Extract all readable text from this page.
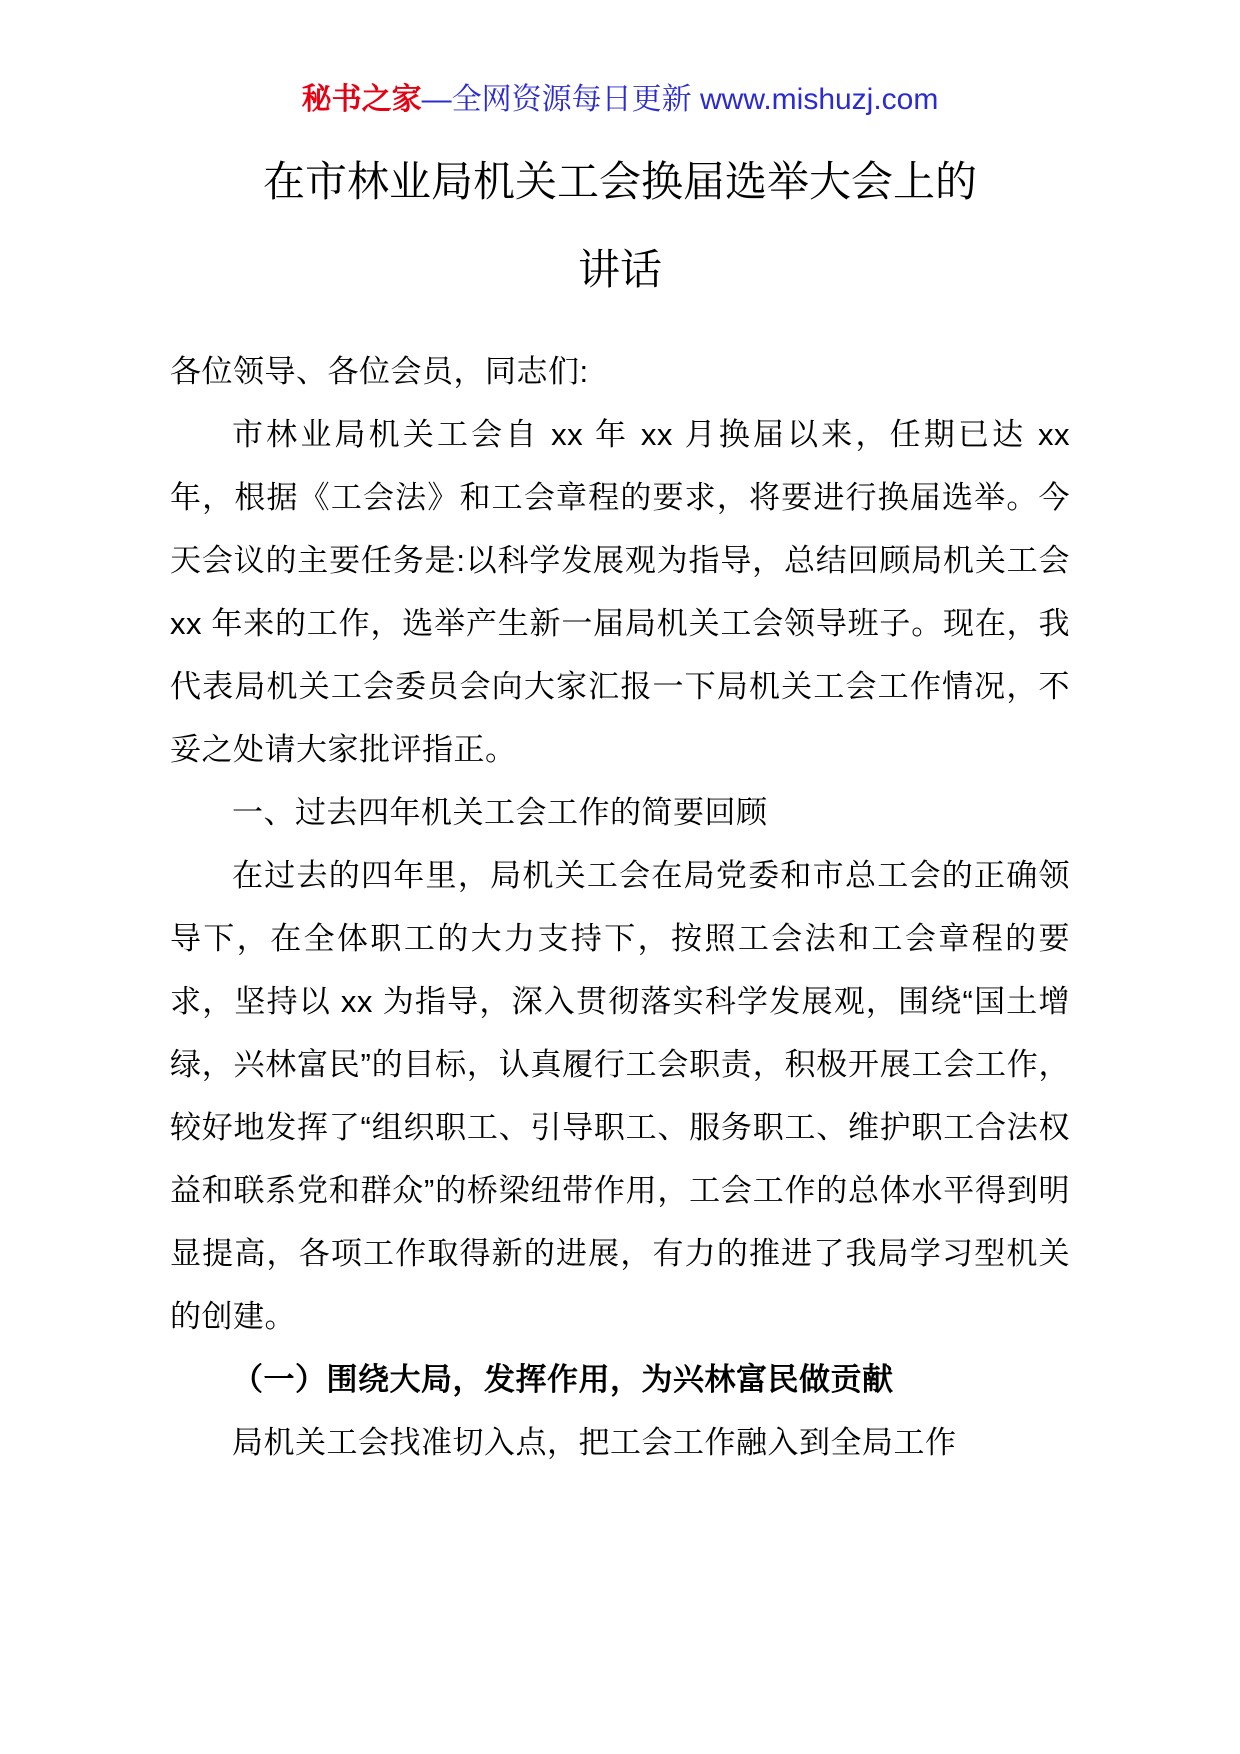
秘书之家—全网资源每日更新 www.mishuzj.com
在市林业局机关工会换届选举大会上的
讲话

各位领导、各位会员，同志们:

市林业局机关工会自 xx 年 xx 月换届以来，任期已达 xx 年，根据《工会法》和工会章程的要求，将要进行换届选举。今天会议的主要任务是:以科学发展观为指导，总结回顾局机关工会 xx 年来的工作，选举产生新一届局机关工会领导班子。现在，我代表局机关工会委员会向大家汇报一下局机关工会工作情况，不妥之处请大家批评指正。

一、过去四年机关工会工作的简要回顾

在过去的四年里，局机关工会在局党委和市总工会的正确领导下，在全体职工的大力支持下，按照工会法和工会章程的要求，坚持以 xx 为指导，深入贯彻落实科学发展观，围绕“国土增绿，兴林富民”的目标，认真履行工会职责，积极开展工会工作，较好地发挥了“组织职工、引导职工、服务职工、维护职工合法权益和联系党和群众”的桥梁纽带作用，工会工作的总体水平得到明显提高，各项工作取得新的进展，有力的推进了我局学习型机关的创建。

（一）围绕大局，发挥作用，为兴林富民做贡献

局机关工会找准切入点，把工会工作融入到全局工作
